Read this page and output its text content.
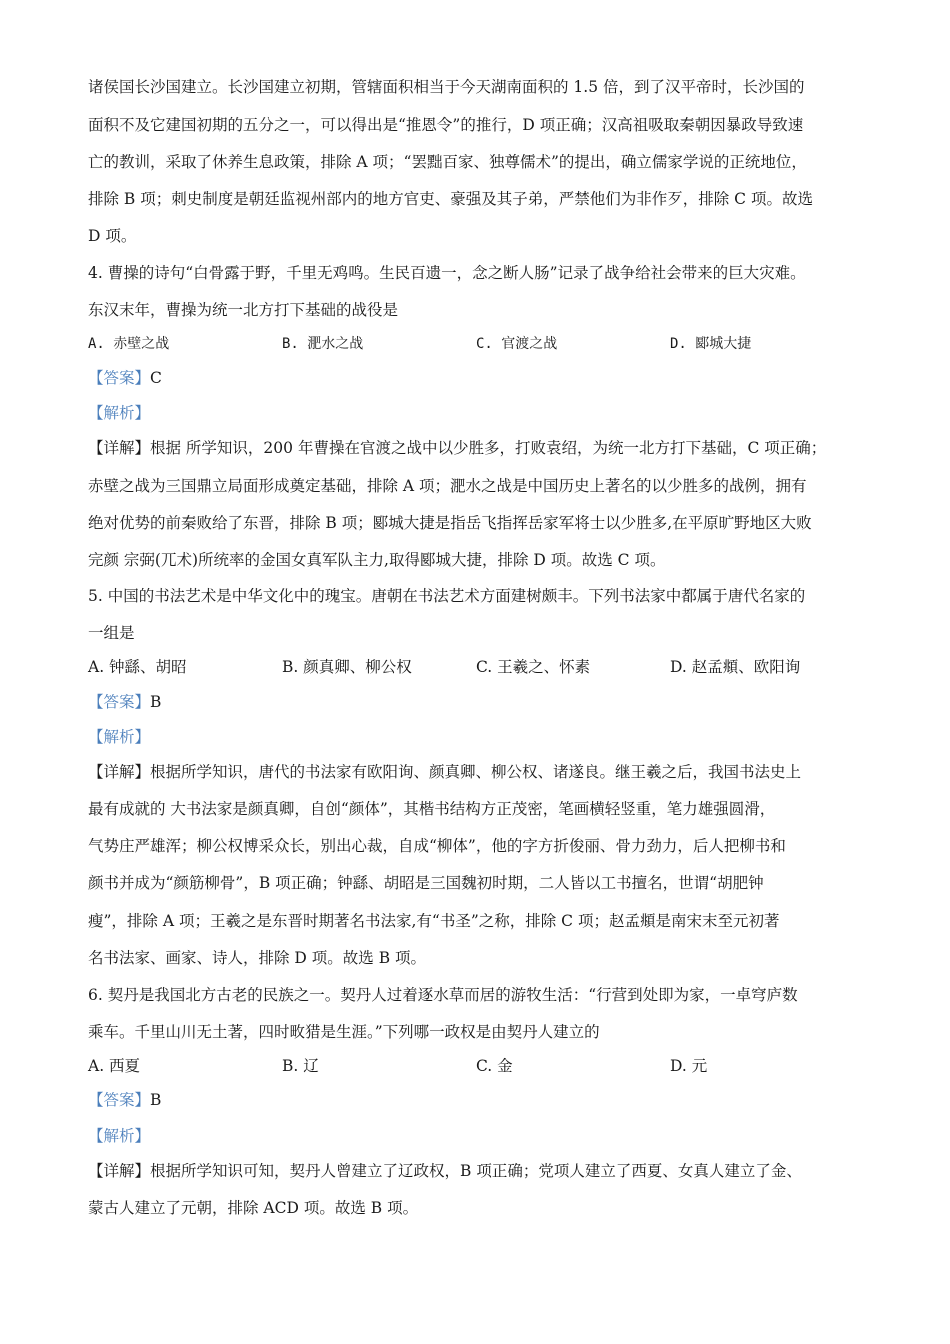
诸侯国长沙国建立。长沙国建立初期，管辖面积相当于今天湖南面积的 1.5 倍，到了汉平帝时，长沙国的
面积不及它建国初期的五分之一，可以得出是“推恩令”的推行，D 项正确；汉高祖吸取秦朝因暴政导致速
亡的教训，采取了休养生息政策，排除 A 项；“罢黜百家、独尊儒术”的提出，确立儒家学说的正统地位，
排除 B 项；刺史制度是朝廷监视州部内的地方官吏、豪强及其子弟，严禁他们为非作歹，排除 C 项。故选
D 项。
4. 曹操的诗句“白骨露于野，千里无鸡鸣。生民百遗一，念之断人肠”记录了战争给社会带来的巨大灾难。
东汉末年，曹操为统一北方打下基础的战役是
A. 赤壁之战	B. 淝水之战	C. 官渡之战	D. 郾城大捷
【答案】C
【解析】
【详解】根据 所学知识，200 年曹操在官渡之战中以少胜多，打败袁绍，为统一北方打下基础，C 项正确；
赤壁之战为三国鼎立局面形成奠定基础，排除 A 项；淝水之战是中国历史上著名的以少胜多的战例，拥有
绝对优势的前秦败给了东晋，排除 B 项；郾城大捷是指岳飞指挥岳家军将士以少胜多,在平原旷野地区大败
完颜 宗弼(兀术)所统率的金国女真军队主力,取得郾城大捷，排除 D 项。故选 C 项。
5. 中国的书法艺术是中华文化中的瑰宝。唐朝在书法艺术方面建树颇丰。下列书法家中都属于唐代名家的
一组是
A. 钟繇、胡昭	B. 颜真卿、柳公权	C. 王羲之、怀素	D. 赵孟頫、欧阳询
【答案】B
【解析】
【详解】根据所学知识，唐代的书法家有欧阳询、颜真卿、柳公权、诸遂良。继王羲之后，我国书法史上
最有成就的 大书法家是颜真卿，自创“颜体”，其楷书结构方正茂密，笔画横轻竖重，笔力雄强圆滑，
气势庄严雄浑；柳公权博采众长，别出心裁，自成“柳体”，他的字方折俊丽、骨力劲力，后人把柳书和
颜书并成为“颜筋柳骨”，B 项正确；钟繇、胡昭是三国魏初时期，二人皆以工书擅名，世谓“胡肥钟
瘦”，排除 A 项；王羲之是东晋时期著名书法家,有“书圣”之称，排除 C 项；赵孟頫是南宋末至元初著
名书法家、画家、诗人，排除 D 项。故选 B 项。
6. 契丹是我国北方古老的民族之一。契丹人过着逐水草而居的游牧生活：“行营到处即为家，一卓穹庐数
乘车。千里山川无土著，四时畋猎是生涯。”下列哪一政权是由契丹人建立的
A. 西夏	B. 辽	C. 金	D. 元
【答案】B
【解析】
【详解】根据所学知识可知，契丹人曾建立了辽政权，B 项正确；党项人建立了西夏、女真人建立了金、
蒙古人建立了元朝，排除 ACD 项。故选 B 项。
